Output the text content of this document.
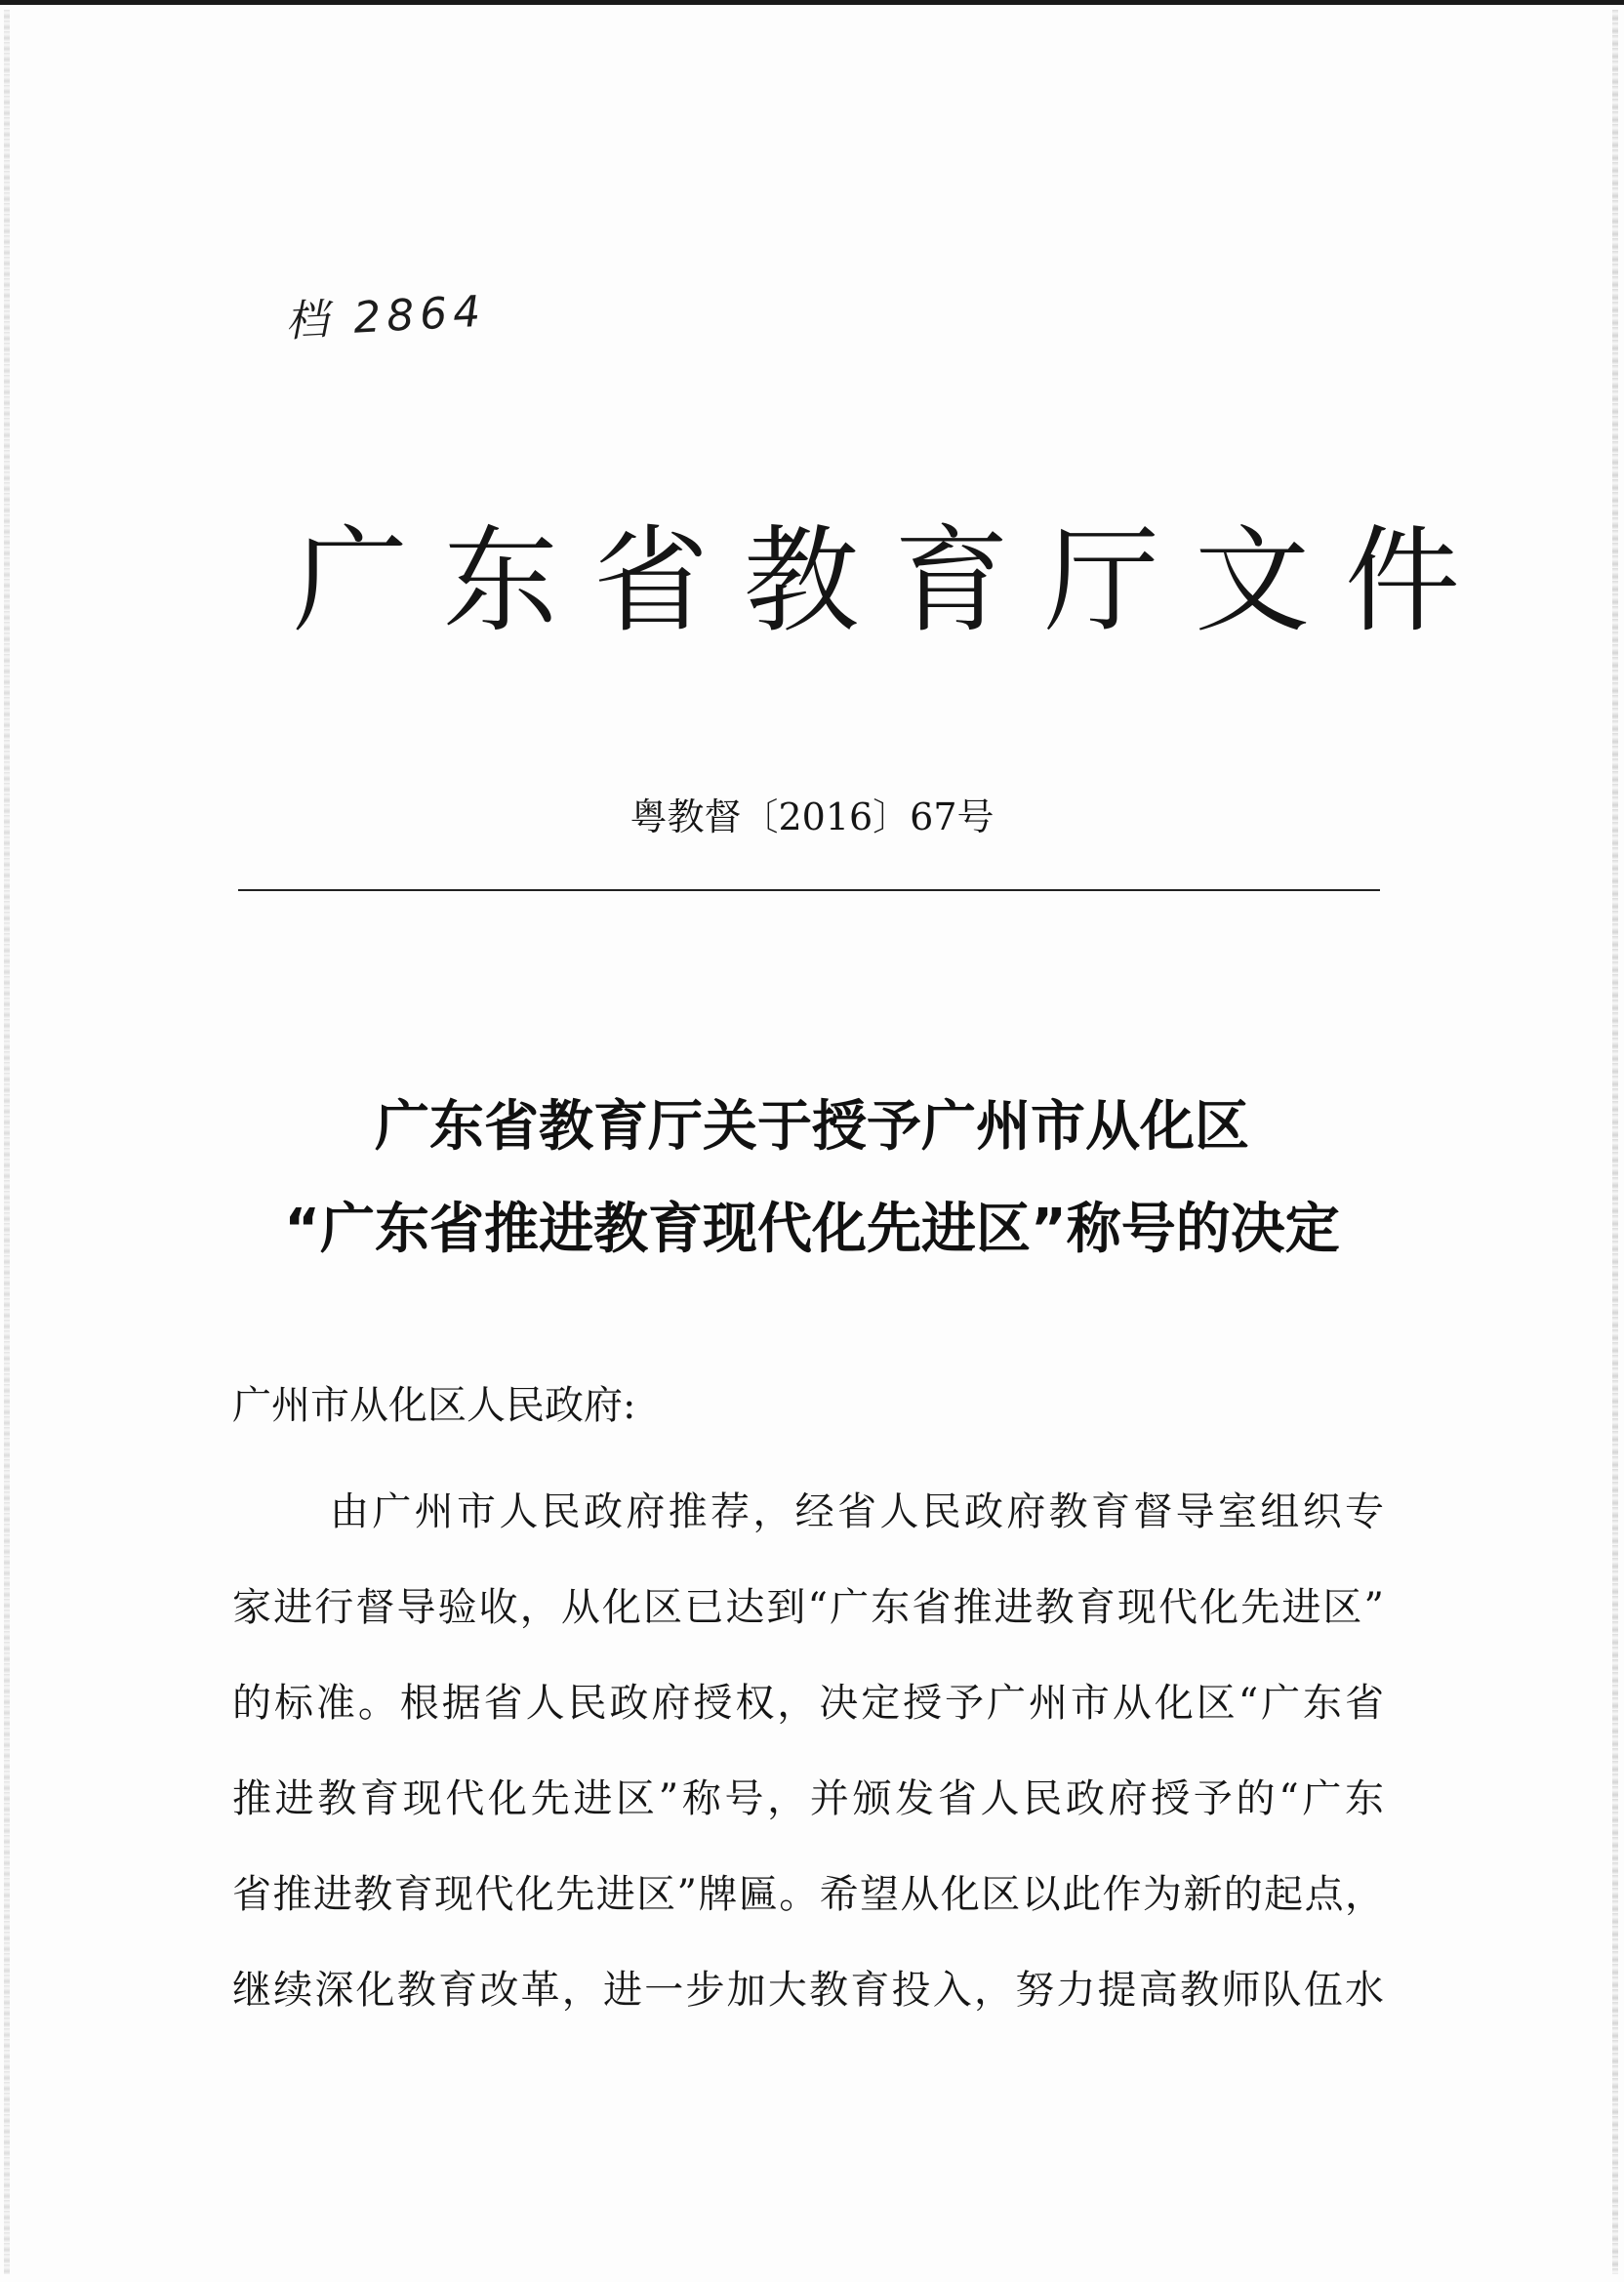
档 2864
广东省教育厅文件
粤教督〔2016〕67号
广东省教育厅关于授予广州市从化区
“广东省推进教育现代化先进区”称号的决定
广州市从化区人民政府:
由广州市人民政府推荐，经省人民政府教育督导室组织专
家进行督导验收，从化区已达到“广东省推进教育现代化先进区”
的标准。根据省人民政府授权，决定授予广州市从化区“广东省
推进教育现代化先进区”称号，并颁发省人民政府授予的“广东
省推进教育现代化先进区”牌匾。希望从化区以此作为新的起点，
继续深化教育改革，进一步加大教育投入，努力提高教师队伍水
